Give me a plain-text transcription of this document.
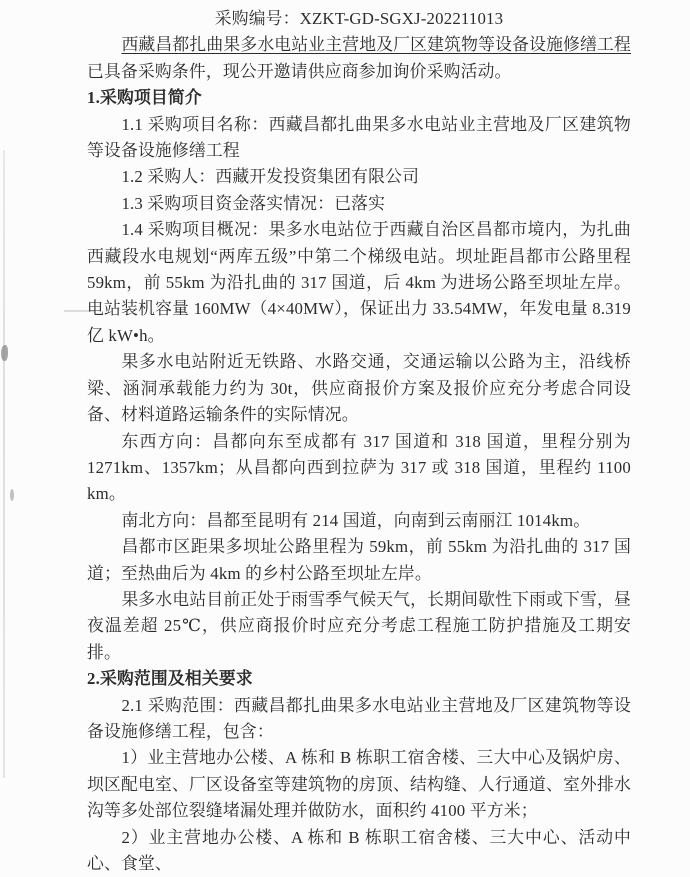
采购编号：XZKT-GD-SGXJ-202211013

西藏昌都扎曲果多水电站业主营地及厂区建筑物等设备设施修缮工程已具备采购条件，现公开邀请供应商参加询价采购活动。

1.采购项目简介

1.1 采购项目名称：西藏昌都扎曲果多水电站业主营地及厂区建筑物等设备设施修缮工程

1.2 采购人：西藏开发投资集团有限公司

1.3 采购项目资金落实情况：已落实

1.4 采购项目概况：果多水电站位于西藏自治区昌都市境内，为扎曲西藏段水电规划“两库五级”中第二个梯级电站。坝址距昌都市公路里程 59km，前 55km 为沿扎曲的 317 国道，后 4km 为进场公路至坝址左岸。电站装机容量 160MW（4×40MW），保证出力 33.54MW，年发电量 8.319 亿 kW•h。

果多水电站附近无铁路、水路交通，交通运输以公路为主，沿线桥梁、涵洞承载能力约为 30t，供应商报价方案及报价应充分考虑合同设备、材料道路运输条件的实际情况。

东西方向：昌都向东至成都有 317 国道和 318 国道，里程分别为 1271km、1357km；从昌都向西到拉萨为 317 或 318 国道，里程约 1100 km。

南北方向：昌都至昆明有 214 国道，向南到云南丽江 1014km。

昌都市区距果多坝址公路里程为 59km，前 55km 为沿扎曲的 317 国道；至热曲后为 4km 的乡村公路至坝址左岸。

果多水电站目前正处于雨雪季气候天气，长期间歇性下雨或下雪，昼夜温差超 25℃，供应商报价时应充分考虑工程施工防护措施及工期安排。

2.采购范围及相关要求

2.1 采购范围：西藏昌都扎曲果多水电站业主营地及厂区建筑物等设备设施修缮工程，包含：

1）业主营地办公楼、A 栋和 B 栋职工宿舍楼、三大中心及锅炉房、坝区配电室、厂区设备室等建筑物的房顶、结构缝、人行通道、室外排水沟等多处部位裂缝堵漏处理并做防水，面积约 4100 平方米；

2）业主营地办公楼、A 栋和 B 栋职工宿舍楼、三大中心、活动中心、食堂、
